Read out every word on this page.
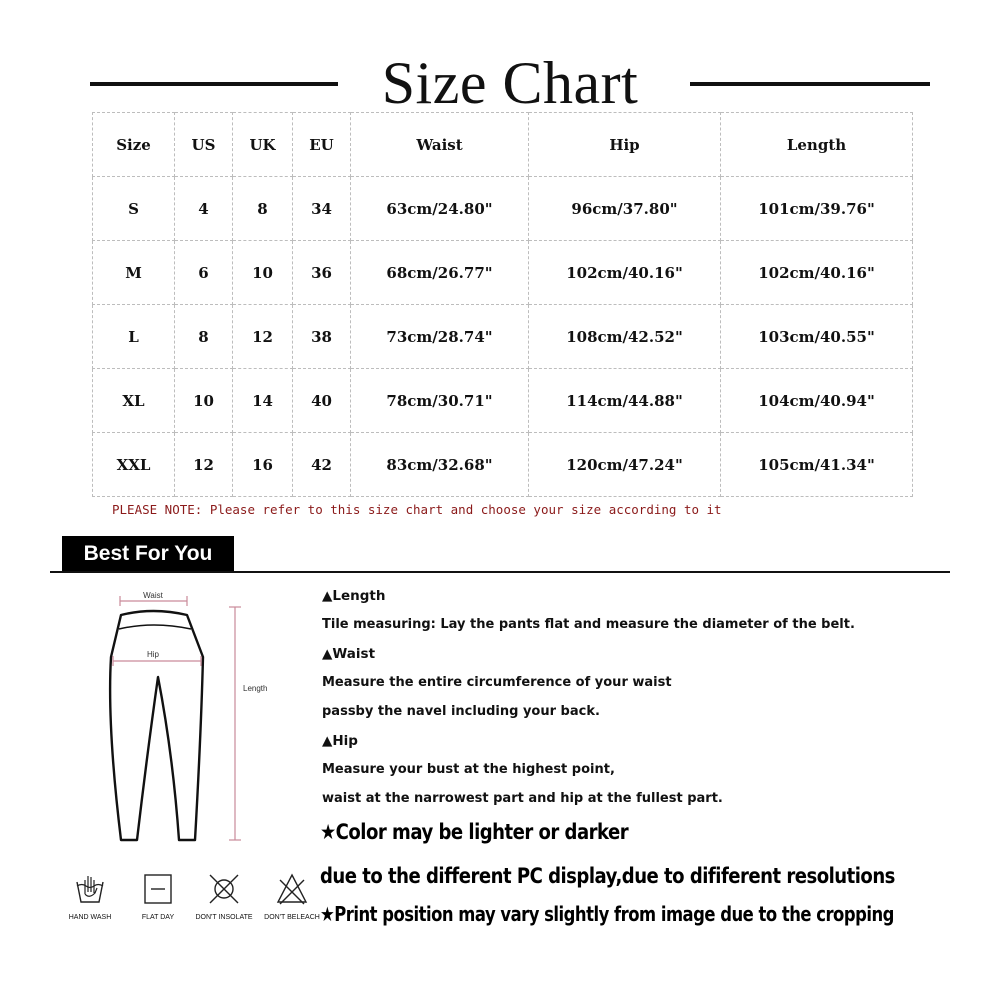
Size Chart
Size	US	UK	EU	Waist	Hip	Length
S	4	8	34	63cm/24.80"	96cm/37.80"	101cm/39.76"
M	6	10	36	68cm/26.77"	102cm/40.16"	102cm/40.16"
L	8	12	38	73cm/28.74"	108cm/42.52"	103cm/40.55"
XL	10	14	40	78cm/30.71"	114cm/44.88"	104cm/40.94"
XXL	12	16	42	83cm/32.68"	120cm/47.24"	105cm/41.34"
PLEASE NOTE: Please refer to this size chart and choose your size according to it
Best For You
Waist
Hip
Length
HAND WASH	FLAT DAY	DON'T INSOLATE	DON'T BELEACH
▲Length
Tile measuring: Lay the pants flat and measure the diameter of the belt.
▲Waist
Measure the entire circumference of your waist
passby the navel including your back.
▲Hip
Measure your bust at the highest point,
waist at the narrowest part and hip at the fullest part.
★Color may be lighter or darker
due to the different PC display,due to dififerent resolutions
★Print position may vary slightly from image due to the cropping
